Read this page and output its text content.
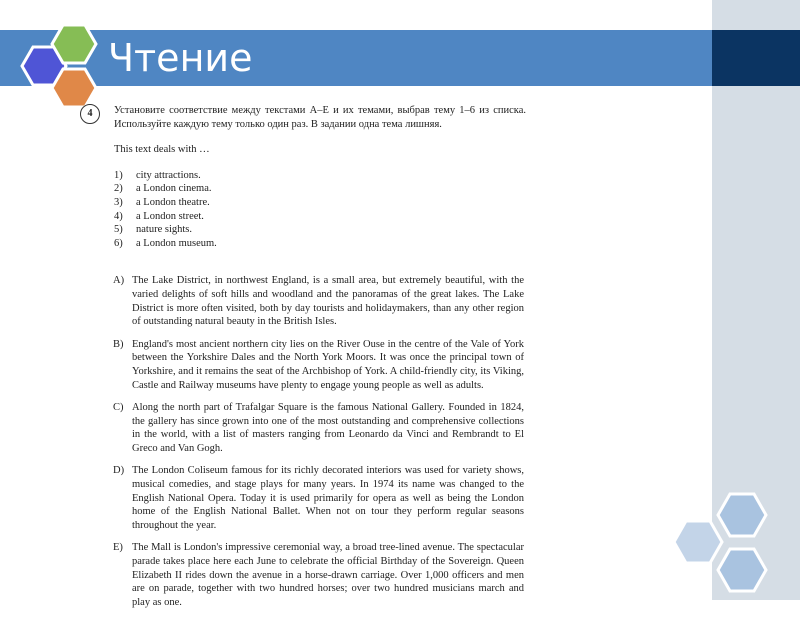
Чтение
4	Установите соответствие между текстами A–E и их темами, выбрав тему 1–6 из списка. Используйте каждую тему только один раз. В задании одна тема лишняя.
This text deals with …
1)	city attractions.
2)	a London cinema.
3)	a London theatre.
4)	a London street.
5)	nature sights.
6)	a London museum.
A) The Lake District, in northwest England, is a small area, but extremely beautiful, with the varied delights of soft hills and woodland and the panoramas of the great lakes. The Lake District is more often visited, both by day tourists and holidaymakers, than any other region of outstanding natural beauty in the British Isles.
B) England's most ancient northern city lies on the River Ouse in the centre of the Vale of York between the Yorkshire Dales and the North York Moors. It was once the principal town of Yorkshire, and it remains the seat of the Archbishop of York. A child-friendly city, its Viking, Castle and Railway museums have plenty to engage young people as well as adults.
C) Along the north part of Trafalgar Square is the famous National Gallery. Founded in 1824, the gallery has since grown into one of the most outstanding and comprehensive collections in the world, with a list of masters ranging from Leonardo da Vinci and Rembrandt to El Greco and Van Gogh.
D) The London Coliseum famous for its richly decorated interiors was used for variety shows, musical comedies, and stage plays for many years. In 1974 its name was changed to the English National Opera. Today it is used primarily for opera as well as being the London home of the English National Ballet. When not on tour they perform regular seasons throughout the year.
E) The Mall is London's impressive ceremonial way, a broad tree-lined avenue. The spectacular parade takes place here each June to celebrate the official Birthday of the Sovereign. Queen Elizabeth II rides down the avenue in a horse-drawn carriage. Over 1,000 officers and men are on parade, together with two hundred horses; over two hundred musicians march and play as one.
